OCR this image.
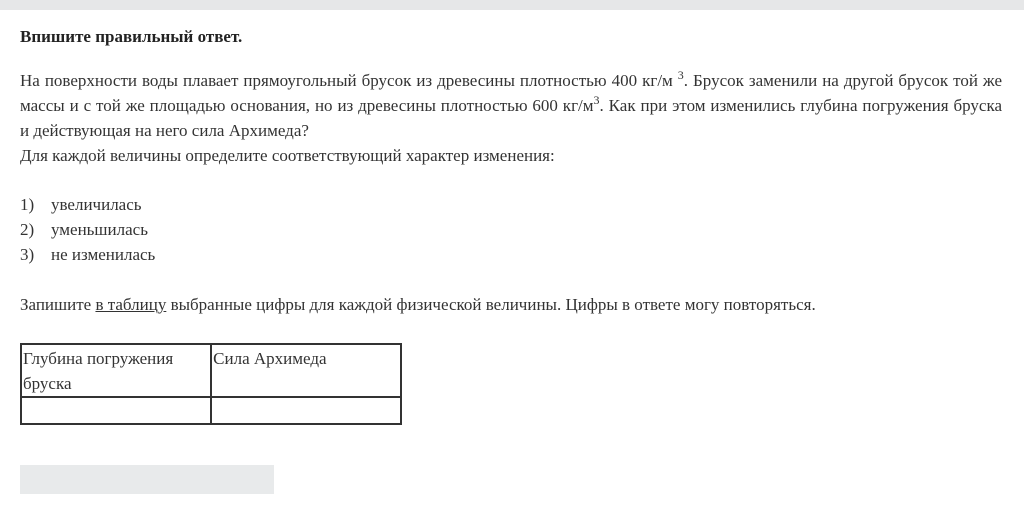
Впишите правильный ответ.

На поверхности воды плавает прямоугольный брусок из древесины плотностью 400 кг/м $^3$. Брусок заменили на другой брусок той же массы и с той же площадью основания, но из древесины плотностью 600 $кг/м^3$. Как при этом изменились глубина погружения бруска и действующая на него сила Архимеда?

Для каждой величины определите соответствующий характер изменения:

1) увеличилась
2) уменьшилась
3) не изменилась

Запишите в таблицу выбранные цифры для каждой физической величины. Цифры в ответе могу повторяться.

Глубина погружения бруска	Сила Архимеда
